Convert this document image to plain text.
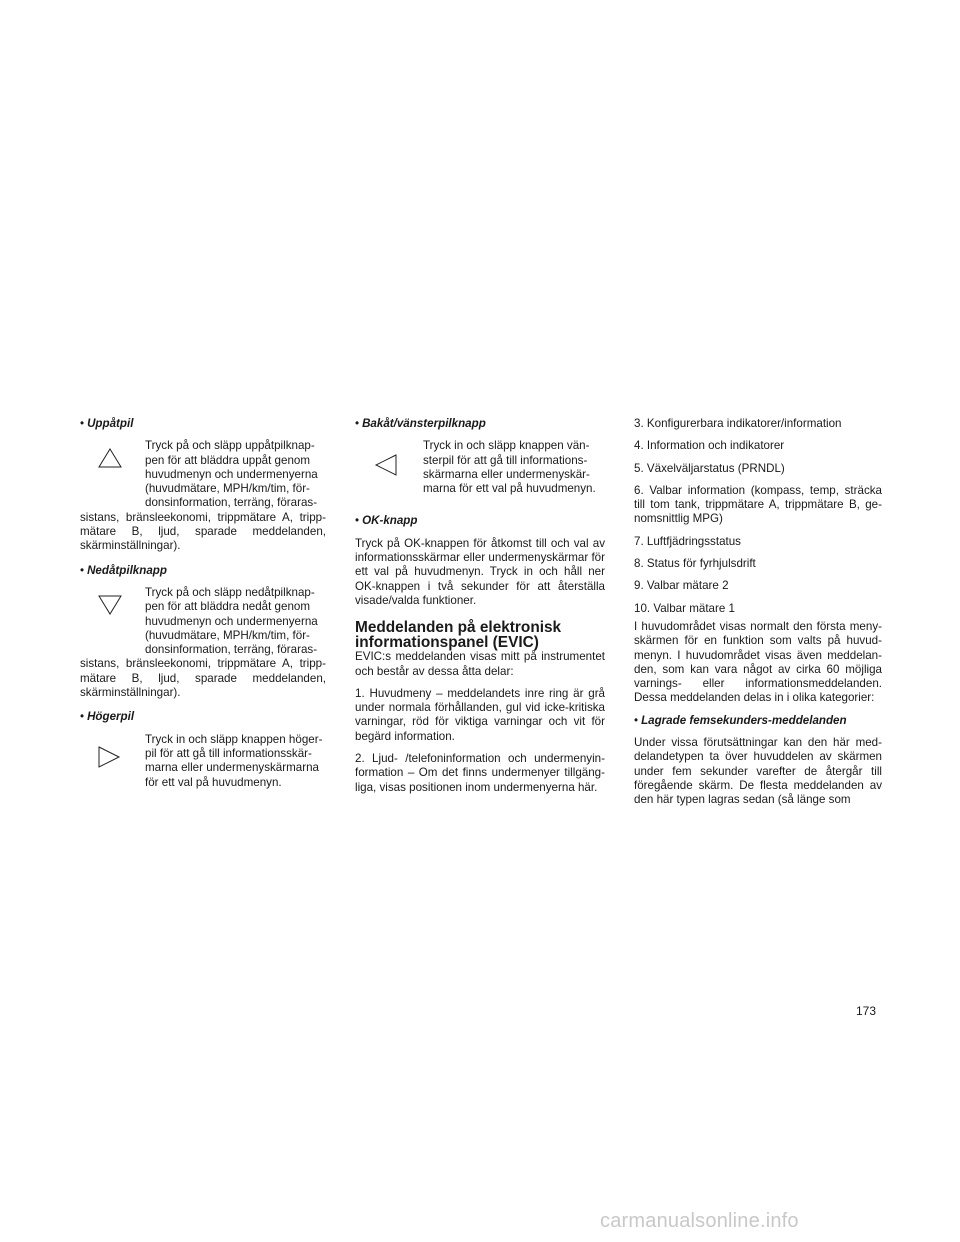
• Uppåtpil
Tryck på och släpp uppåtpilknap-
pen för att bläddra uppåt genom
huvudmenyn och undermenyerna
(huvudmätare, MPH/km/tim, för-
donsinformation, terräng, föraras-
sistans, bränsleekonomi, trippmätare A, trippmätare B, ljud, sparade meddelanden, skärminställningar).
• Nedåtpilknapp
Tryck på och släpp nedåtpilknap-
pen för att bläddra nedåt genom
huvudmenyn och undermenyerna
(huvudmätare, MPH/km/tim, för-
donsinformation, terräng, föraras-
sistans, bränsleekonomi, trippmätare A, trippmätare B, ljud, sparade meddelanden, skärminställningar).
• Högerpil
Tryck in och släpp knappen höger-
pil för att gå till informationsskär-
marna eller undermenyskärmarna
för ett val på huvudmenyn.
• Bakåt/vänsterpilknapp
Tryck in och släpp knappen vän-
sterpil för att gå till informations-
skärmarna eller undermenyskär-
marna för ett val på huvudmenyn.
• OK-knapp

Tryck på OK-knappen för åtkomst till och val av informationsskärmar eller undermenyskärmar för ett val på huvudmenyn. Tryck in och håll ner OK-knappen i två sekunder för att återställa visade/valda funktioner.

Meddelanden på elektronisk
informationspanel (EVIC)

EVIC:s meddelanden visas mitt på instrumentet och består av dessa åtta delar:

1. Huvudmeny – meddelandets inre ring är grå under normala förhållanden, gul vid icke-kritiska varningar, röd för viktiga varningar och vit för begärd information.

2. Ljud- /telefoninformation och undermenyinformation – Om det finns undermenyer tillgängliga, visas positionen inom undermenyerna här.

3. Konfigurerbara indikatorer/information
4. Information och indikatorer
5. Växelväljarstatus (PRNDL)

6. Valbar information (kompass, temp, sträcka till tom tank, trippmätare A, trippmätare B, genomsnittlig MPG)

7. Luftfjädringsstatus
8. Status för fyrhjulsdrift
9. Valbar mätare 2
10. Valbar mätare 1

I huvudområdet visas normalt den första menyskärmen för en funktion som valts på huvudmenyn. I huvudområdet visas även meddelanden, som kan vara något av cirka 60 möjliga varnings- eller informationsmeddelanden. Dessa meddelanden delas in i olika kategorier:

• Lagrade femsekunders-meddelanden

Under vissa förutsättningar kan den här meddelandetypen ta över huvuddelen av skärmen under fem sekunder varefter de återgår till föregående skärm. De flesta meddelanden av den här typen lagras sedan (så länge som

173
carmanualsonline.info
